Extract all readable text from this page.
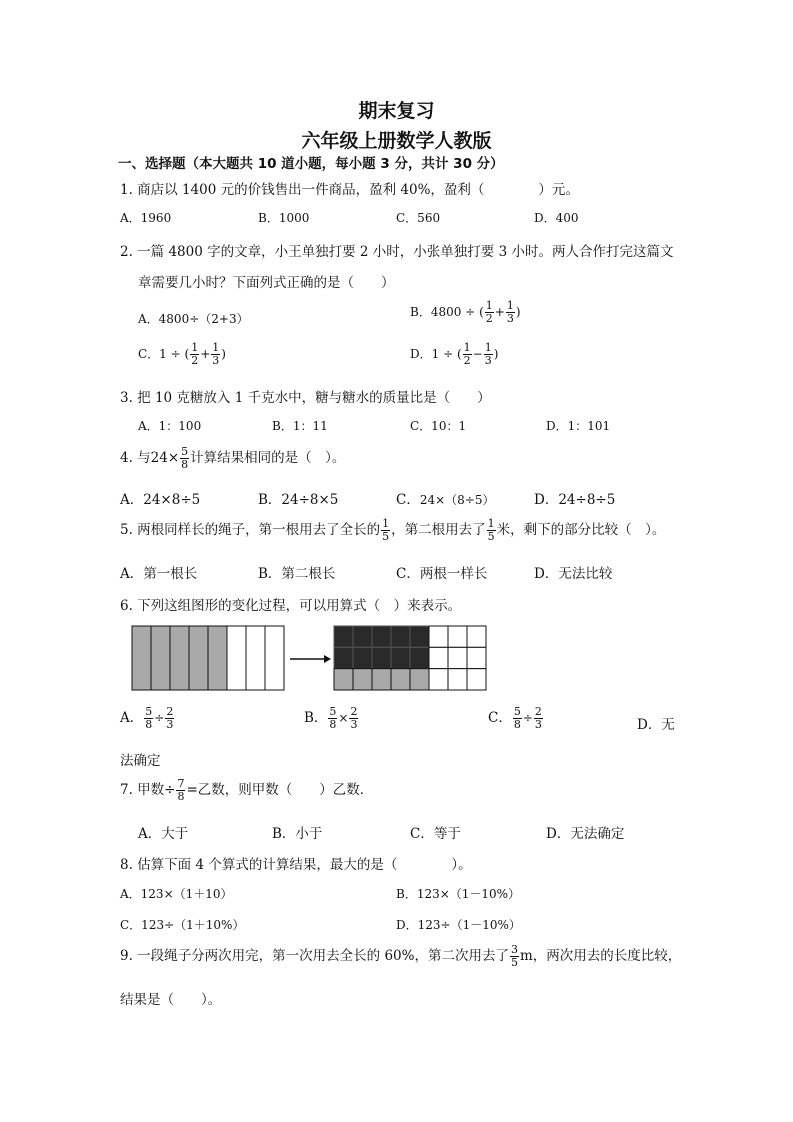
期末复习
六年级上册数学人教版
一、选择题（本大题共 10 道小题，每小题 3 分，共计 30 分）
1. 商店以 1400 元的价钱售出一件商品，盈利 40%，盈利（　　　　）元。
A．1960	B．1000	C．560	D．400
2. 一篇 4800 字的文章，小王单独打要 2 小时，小张单独打要 3 小时。两人合作打完这篇文
章需要几小时？下面列式正确的是（　　）
A．4800÷（2+3）	B．4800 ÷ ( $\frac{1}{2} + \frac{1}{3}$ )
C．1 ÷ ( $\frac{1}{2} + \frac{1}{3}$ )	D．1 ÷ ( $\frac{1}{2} - \frac{1}{3}$ )
3. 把 10 克糖放入 1 千克水中，糖与糖水的质量比是（　　）
A．1：100	B．1：11	C．10：1	D．1：101
4. 与$24\times \frac{5}{8}$ 计算结果相同的是（　）。
A．24×8÷5	B．24÷8×5	C．24×（8÷5）	D．24÷8÷5
5. 两根同样长的绳子，第一根用去了全长的 $\frac{1}{5}$ ，第二根用去了 $\frac{1}{5}$ 米，剩下的部分比较（　）。
A．第一根长	B．第二根长	C．两根一样长	D．无法比较
6. 下列这组图形的变化过程，可以用算式（　）来表示。
A． $\frac{5}{8} \div \frac{2}{3}$	B． $\frac{5}{8} \times \frac{2}{3}$	C． $\frac{5}{8} \div \frac{2}{3}$	D．无
法确定
7. 甲数÷ $\frac{7}{8}$ =乙数，则甲数（　　）乙数．
A．大于	B．小于	C．等于	D．无法确定
8. 估算下面 4 个算式的计算结果，最大的是（　　　　）。
A．123×（1＋10）	B．123×（1－10%）
C．123÷（1＋10%）	D．123÷（1－10%）
9. 一段绳子分两次用完，第一次用去全长的 60%，第二次用去了 $\frac{3}{5}$ m，两次用去的长度比较，
结果是（　　）。
